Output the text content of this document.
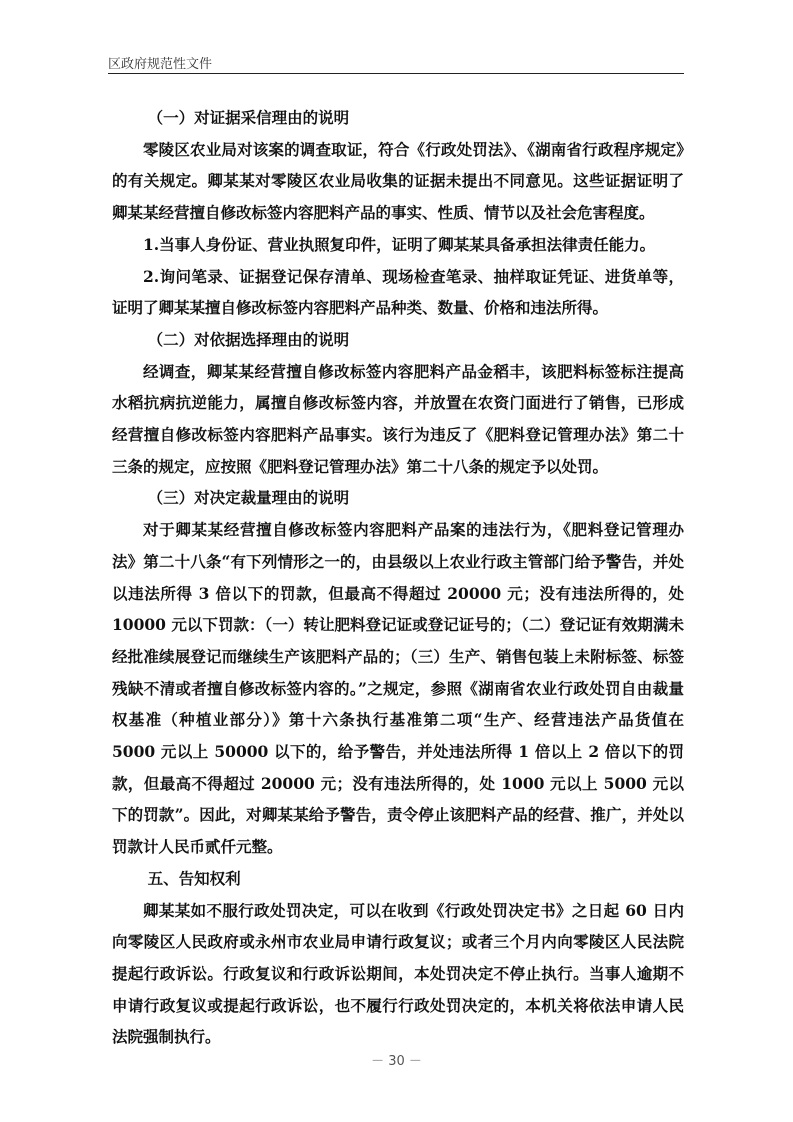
区政府规范性文件

（一）对证据采信理由的说明

零陵区农业局对该案的调查取证，符合《行政处罚法》、《湖南省行政程序规定》的有关规定。卿某某对零陵区农业局收集的证据未提出不同意见。这些证据证明了卿某某经营擅自修改标签内容肥料产品的事实、性质、情节以及社会危害程度。

1.当事人身份证、营业执照复印件，证明了卿某某具备承担法律责任能力。

2.询问笔录、证据登记保存清单、现场检查笔录、抽样取证凭证、进货单等，证明了卿某某擅自修改标签内容肥料产品种类、数量、价格和违法所得。

（二）对依据选择理由的说明

经调查，卿某某经营擅自修改标签内容肥料产品金稻丰，该肥料标签标注提高水稻抗病抗逆能力，属擅自修改标签内容，并放置在农资门面进行了销售，已形成经营擅自修改标签内容肥料产品事实。该行为违反了《肥料登记管理办法》第二十三条的规定，应按照《肥料登记管理办法》第二十八条的规定予以处罚。

（三）对决定裁量理由的说明

对于卿某某经营擅自修改标签内容肥料产品案的违法行为，《肥料登记管理办法》第二十八条“有下列情形之一的，由县级以上农业行政主管部门给予警告，并处以违法所得 3 倍以下的罚款，但最高不得超过 20000 元；没有违法所得的，处 10000 元以下罚款：（一）转让肥料登记证或登记证号的；（二）登记证有效期满未经批准续展登记而继续生产该肥料产品的；（三）生产、销售包装上未附标签、标签残缺不清或者擅自修改标签内容的。”之规定，参照《湖南省农业行政处罚自由裁量权基准（种植业部分）》第十六条执行基准第二项“生产、经营违法产品货值在 5000 元以上 50000 以下的，给予警告，并处违法所得 1 倍以上 2 倍以下的罚款，但最高不得超过 20000 元；没有违法所得的，处 1000 元以上 5000 元以下的罚款”。因此，对卿某某给予警告，责令停止该肥料产品的经营、推广，并处以罚款计人民币贰仟元整。

五、告知权利

卿某某如不服行政处罚决定，可以在收到《行政处罚决定书》之日起 60 日内向零陵区人民政府或永州市农业局申请行政复议；或者三个月内向零陵区人民法院提起行政诉讼。行政复议和行政诉讼期间，本处罚决定不停止执行。当事人逾期不申请行政复议或提起行政诉讼，也不履行行政处罚决定的，本机关将依法申请人民法院强制执行。

－ 30 －
